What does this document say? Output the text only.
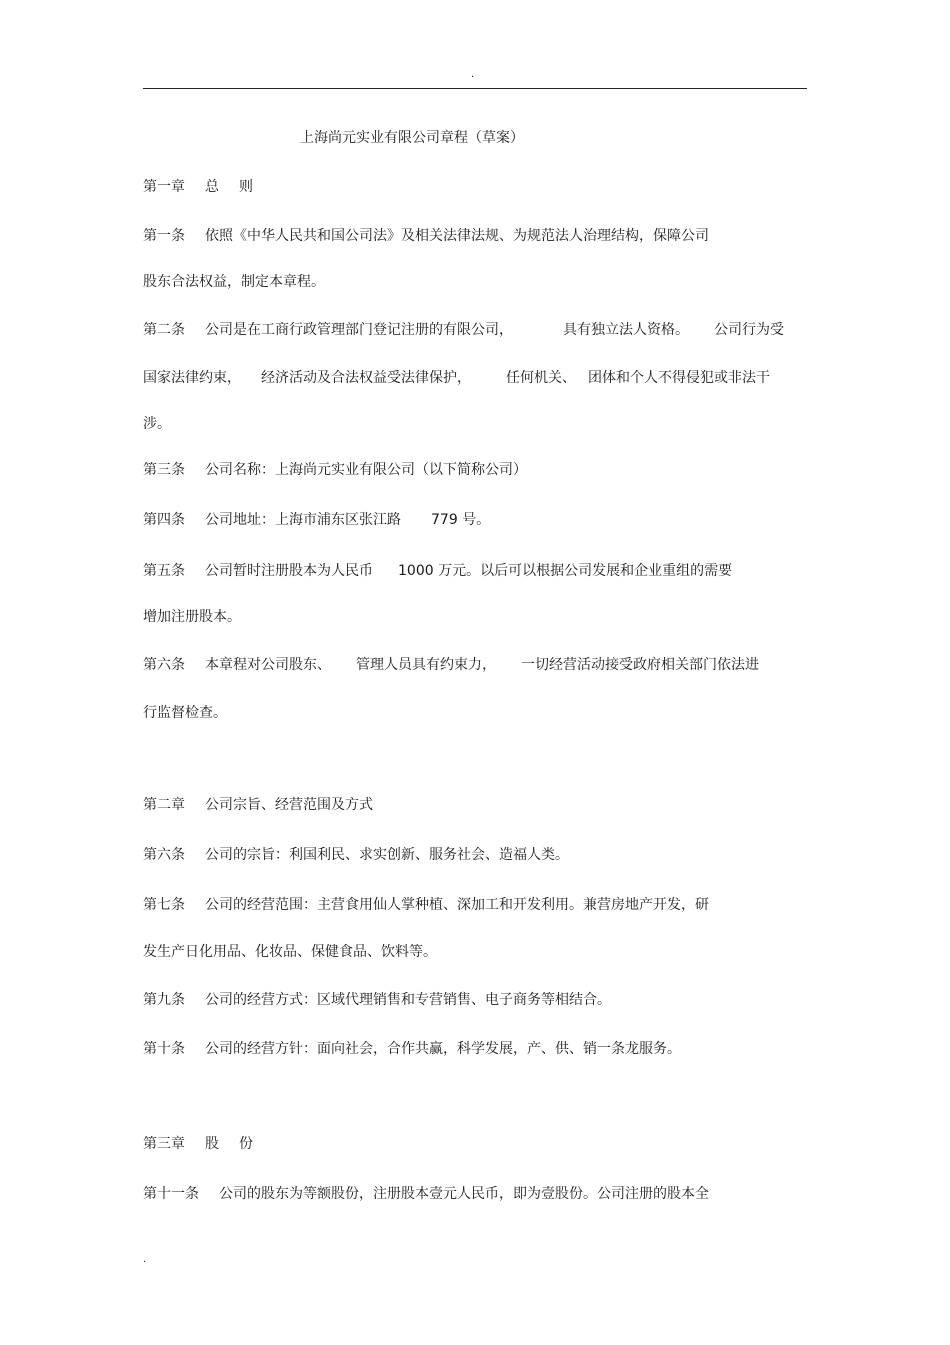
.
上海尚元实业有限公司章程（草案）
第一章 总 则
第一条 依照《中华人民共和国公司法》及相关法律法规、为规范法人治理结构，保障公司
股东合法权益，制定本章程。
第二条 公司是在工商行政管理部门登记注册的有限公司，	具有独立法人资格。 公司行为受
国家法律约束， 经济活动及合法权益受法律保护，	任何机关、 团体和个人不得侵犯或非法干
涉。
第三条 公司名称：上海尚元实业有限公司（以下简称公司）
第四条 公司地址：上海市浦东区张江路 779 号。
第五条 公司暂时注册股本为人民币 1000 万元。以后可以根据公司发展和企业重组的需要
增加注册股本。
第六条 本章程对公司股东、 管理人员具有约束力， 一切经营活动接受政府相关部门依法进
行监督检查。
第二章 公司宗旨、经营范围及方式
第六条 公司的宗旨：利国利民、求实创新、服务社会、造福人类。
第七条 公司的经营范围：主营食用仙人掌种植、深加工和开发利用。兼营房地产开发，研
发生产日化用品、化妆品、保健食品、饮料等。
第九条 公司的经营方式：区域代理销售和专营销售、电子商务等相结合。
第十条 公司的经营方针：面向社会，合作共赢，科学发展，产、供、销一条龙服务。
第三章 股 份
第十一条 公司的股东为等额股份，注册股本壹元人民币，即为壹股份。公司注册的股本全
.
